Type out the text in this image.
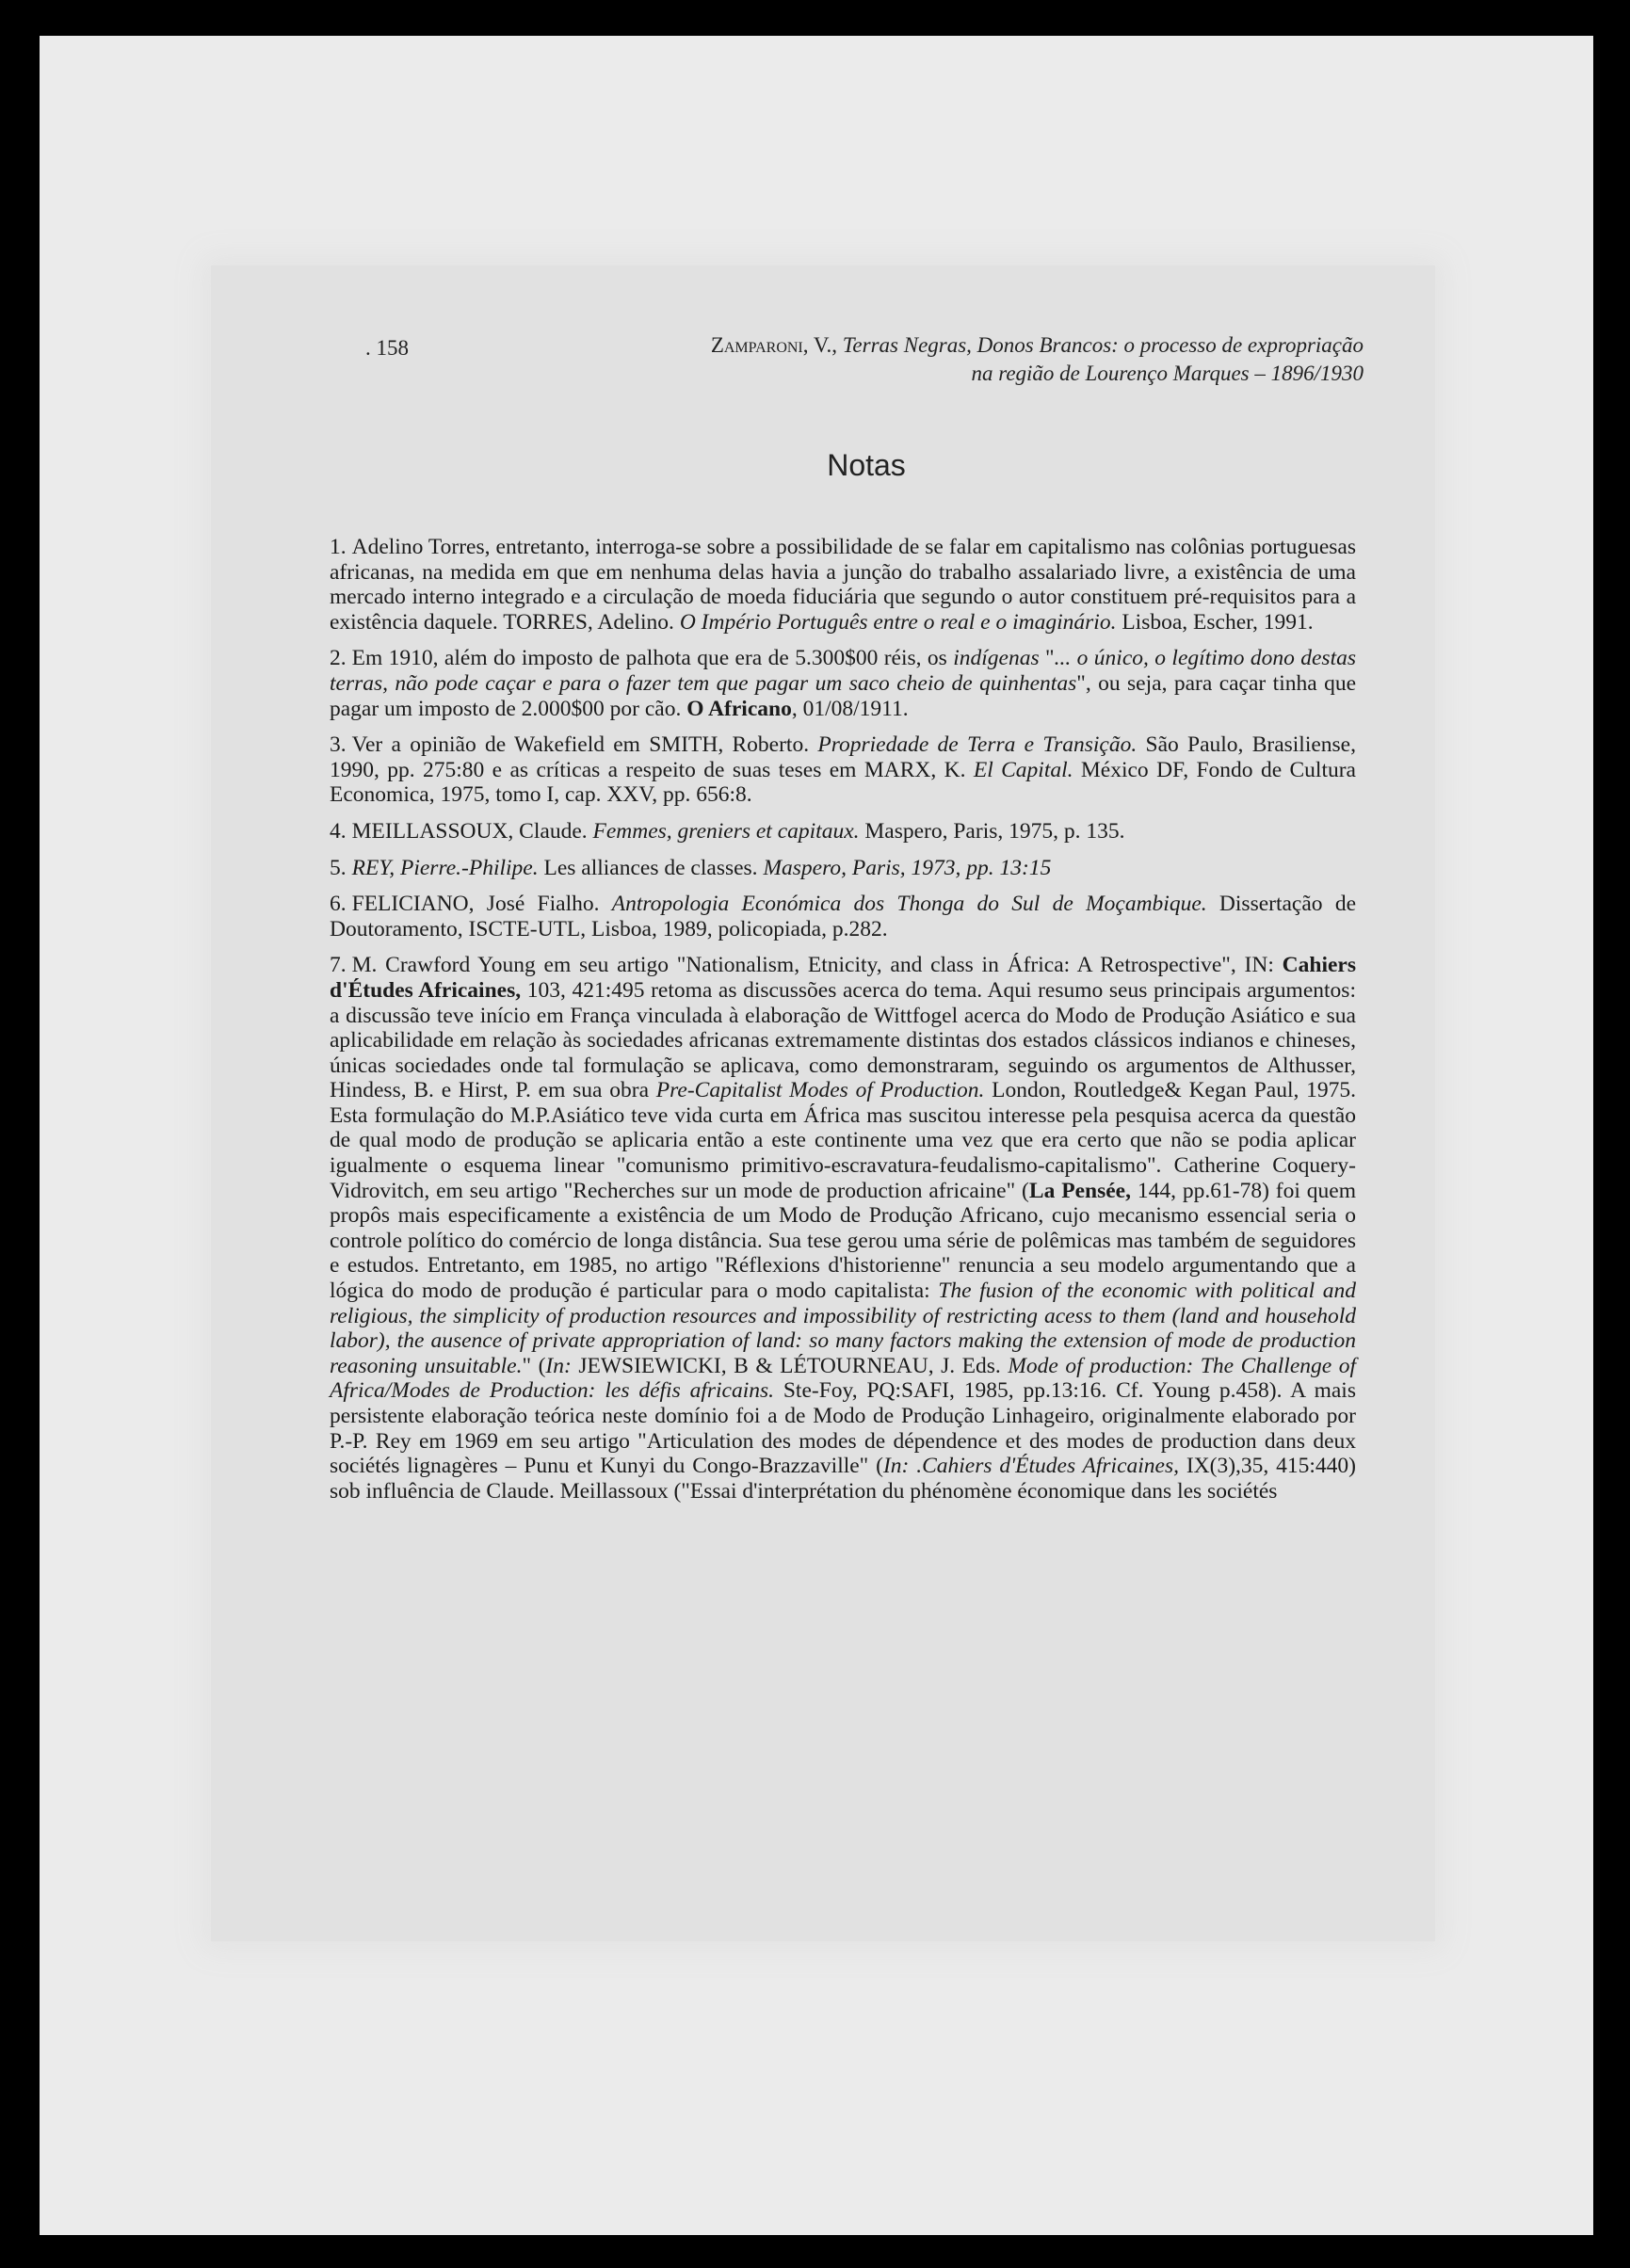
. 158	Zamparoni, V., Terras Negras, Donos Brancos: o processo de expropriação
na região de Lourenço Marques – 1896/1930
Notas

1. Adelino Torres, entretanto, interroga-se sobre a possibilidade de se falar em capitalismo nas colônias portuguesas africanas, na medida em que em nenhuma delas havia a junção do trabalho assalariado livre, a existência de uma mercado interno integrado e a circulação de moeda fiduciária que segundo o autor constituem pré-requisitos para a existência daquele. TORRES, Adelino. O Império Português entre o real e o imaginário. Lisboa, Escher, 1991.

2. Em 1910, além do imposto de palhota que era de 5.300$00 réis, os indígenas "... o único, o legítimo dono destas terras, não pode caçar e para o fazer tem que pagar um saco cheio de quinhentas", ou seja, para caçar tinha que pagar um imposto de 2.000$00 por cão. O Africano, 01/08/1911.

3. Ver a opinião de Wakefield em SMITH, Roberto. Propriedade de Terra e Transição. São Paulo, Brasiliense, 1990, pp. 275:80 e as críticas a respeito de suas teses em MARX, K. El Capital. México DF, Fondo de Cultura Economica, 1975, tomo I, cap. XXV, pp. 656:8.

4. MEILLASSOUX, Claude. Femmes, greniers et capitaux. Maspero, Paris, 1975, p. 135.

5. REY, Pierre.-Philipe. Les alliances de classes. Maspero, Paris, 1973, pp. 13:15

6. FELICIANO, José Fialho. Antropologia Económica dos Thonga do Sul de Moçambique. Dissertação de Doutoramento, ISCTE-UTL, Lisboa, 1989, policopiada, p.282.

7. M. Crawford Young em seu artigo "Nationalism, Etnicity, and class in África: A Retrospective", IN: Cahiers d'Études Africaines, 103, 421:495 retoma as discussões acerca do tema. Aqui resumo seus principais argumentos: a discussão teve início em França vinculada à elaboração de Wittfogel acerca do Modo de Produção Asiático e sua aplicabilidade em relação às sociedades africanas extremamente distintas dos estados clássicos indianos e chineses, únicas sociedades onde tal formulação se aplicava, como demonstraram, seguindo os argumentos de Althusser, Hindess, B. e Hirst, P. em sua obra Pre-Capitalist Modes of Production. London, Routledge& Kegan Paul, 1975. Esta formulação do M.P.Asiático teve vida curta em África mas suscitou interesse pela pesquisa acerca da questão de qual modo de produção se aplicaria então a este continente uma vez que era certo que não se podia aplicar igualmente o esquema linear "comunismo primitivo-escravatura-feudalismo-capitalismo". Catherine Coquery-Vidrovitch, em seu artigo "Recherches sur un mode de production africaine" (La Pensée, 144, pp.61-78) foi quem propôs mais especificamente a existência de um Modo de Produção Africano, cujo mecanismo essencial seria o controle político do comércio de longa distância. Sua tese gerou uma série de polêmicas mas também de seguidores e estudos. Entretanto, em 1985, no artigo "Réflexions d'historienne" renuncia a seu modelo argumentando que a lógica do modo de produção é particular para o modo capitalista: The fusion of the economic with political and religious, the simplicity of production resources and impossibility of restricting acess to them (land and household labor), the ausence of private appropriation of land: so many factors making the extension of mode de production reasoning unsuitable." (In: JEWSIEWICKI, B & LÉTOURNEAU, J. Eds. Mode of production: The Challenge of Africa/Modes de Production: les défis africains. Ste-Foy, PQ:SAFI, 1985, pp.13:16. Cf. Young p.458). A mais persistente elaboração teórica neste domínio foi a de Modo de Produção Linhageiro, originalmente elaborado por P.-P. Rey em 1969 em seu artigo "Articulation des modes de dépendence et des modes de production dans deux sociétés lignagères – Punu et Kunyi du Congo-Brazzaville" (In: .Cahiers d'Études Africaines, IX(3),35, 415:440) sob influência de Claude. Meillassoux ("Essai d'interprétation du phénomène économique dans les sociétés
